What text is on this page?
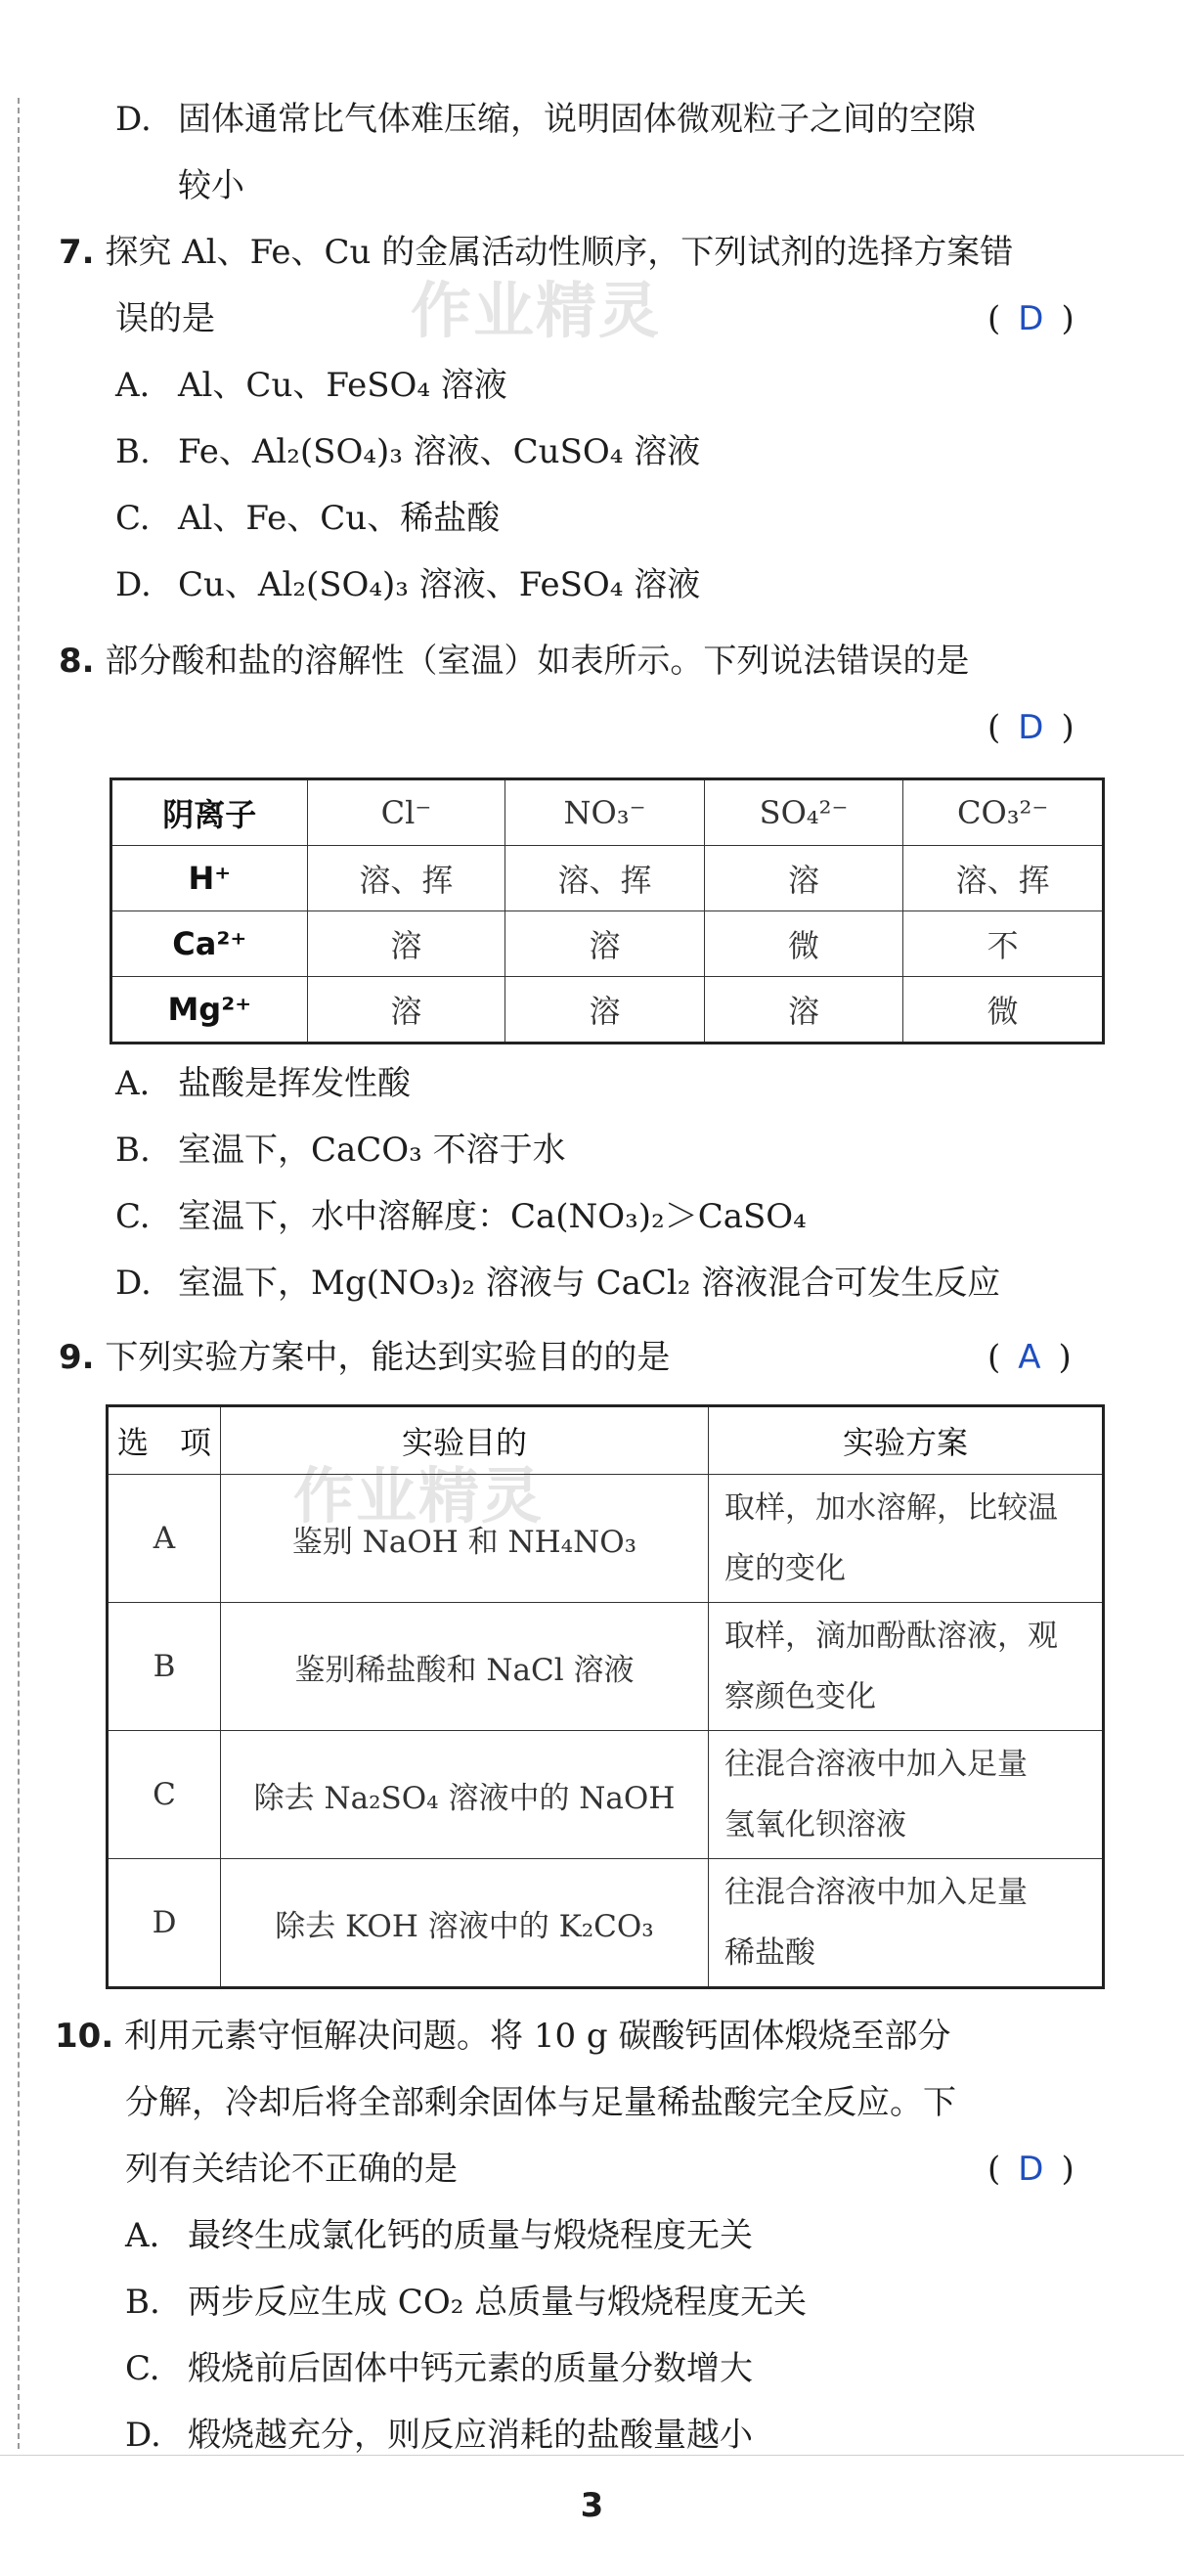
作业精灵
作业精灵
D. 固体通常比气体难压缩，说明固体微观粒子之间的空隙
较小
7. 探究 Al、Fe、Cu 的金属活动性顺序，下列试剂的选择方案错
误的是	( D )
A. Al、Cu、FeSO₄ 溶液
B. Fe、Al₂(SO₄)₃ 溶液、CuSO₄ 溶液
C. Al、Fe、Cu、稀盐酸
D. Cu、Al₂(SO₄)₃ 溶液、FeSO₄ 溶液
8. 部分酸和盐的溶解性（室温）如表所示。下列说法错误的是
( D )
阴离子	Cl⁻	NO₃⁻	SO₄²⁻	CO₃²⁻
H⁺	溶、挥	溶、挥	溶	溶、挥
Ca²⁺	溶	溶	微	不
Mg²⁺	溶	溶	溶	微
A. 盐酸是挥发性酸
B. 室温下，CaCO₃ 不溶于水
C. 室温下，水中溶解度：Ca(NO₃)₂＞CaSO₄
D. 室温下，Mg(NO₃)₂ 溶液与 CaCl₂ 溶液混合可发生反应
9. 下列实验方案中，能达到实验目的的是	( A )
选　项	实验目的	实验方案
A	鉴别 NaOH 和 NH₄NO₃	取样，加水溶解，比较温
度的变化

B	鉴别稀盐酸和 NaCl 溶液	取样，滴加酚酞溶液，观
察颜色变化

C	除去 Na₂SO₄ 溶液中的 NaOH	往混合溶液中加入足量
氢氧化钡溶液

D	除去 KOH 溶液中的 K₂CO₃	往混合溶液中加入足量
稀盐酸
10. 利用元素守恒解决问题。将 10 g 碳酸钙固体煅烧至部分
分解，冷却后将全部剩余固体与足量稀盐酸完全反应。下
列有关结论不正确的是	( D )
A. 最终生成氯化钙的质量与煅烧程度无关
B. 两步反应生成 CO₂ 总质量与煅烧程度无关
C. 煅烧前后固体中钙元素的质量分数增大
D. 煅烧越充分，则反应消耗的盐酸量越小
3
